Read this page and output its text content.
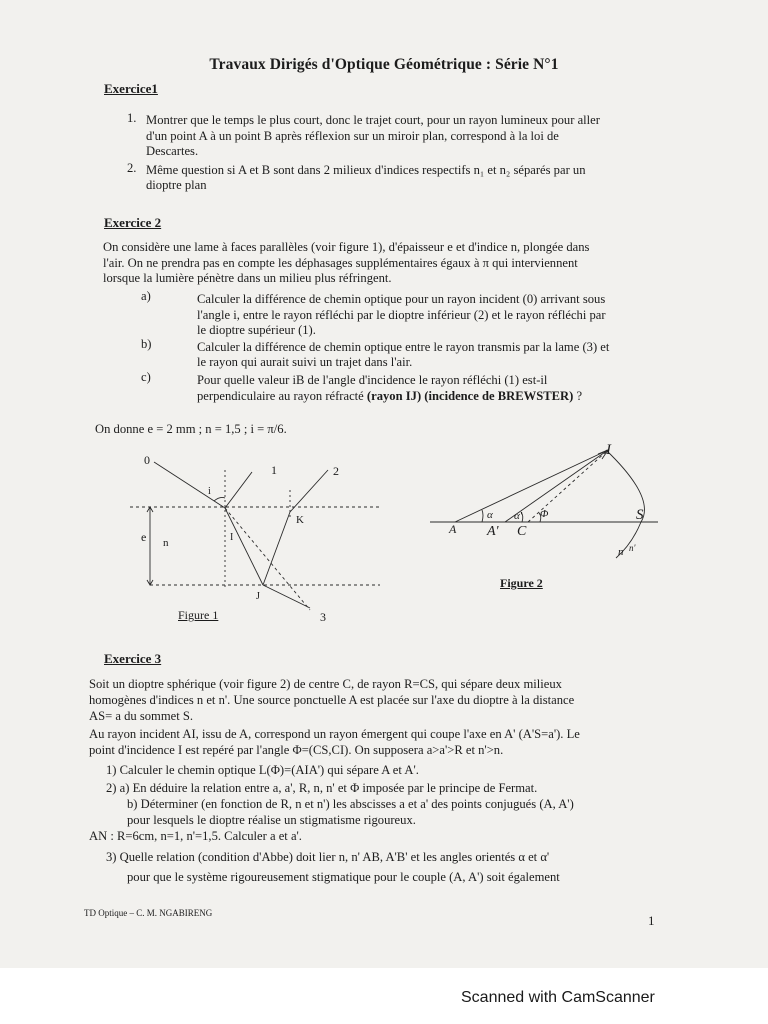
Travaux Dirigés d'Optique Géométrique : Série N°1
Exercice1
1. Montrer que le temps le plus court, donc le trajet court, pour un rayon lumineux pour aller
d'un point A à un point B après réflexion sur un miroir plan, correspond à la loi de
Descartes.
2. Même question si A et B sont dans 2 milieux d'indices respectifs n₁ et n₂ séparés par un
dioptre plan
Exercice 2
On considère une lame à faces parallèles (voir figure 1), d'épaisseur e et d'indice n, plongée dans
l'air. On ne prendra pas en compte les déphasages supplémentaires égaux à π qui interviennent
lorsque la lumière pénètre dans un milieu plus réfringent.
a)	Calculer la différence de chemin optique pour un rayon incident (0) arrivant sous
l'angle i, entre le rayon réfléchi par le dioptre inférieur (2) et le rayon réfléchi par
le dioptre supérieur (1).
b)	Calculer la différence de chemin optique entre le rayon transmis par la lame (3) et
le rayon qui aurait suivi un trajet dans l'air.
c)	Pour quelle valeur iB de l'angle d'incidence le rayon réfléchi (1) est-il
perpendiculaire au rayon réfracté (rayon IJ) (incidence de BREWSTER) ?
On donne e = 2 mm ; n = 1,5 ; i = π/6.
0
1	2
i
K
e n	I
J
3
Figure 1
I
S
A A' C
α α' Φ
n n'
Figure 2
Exercice 3
Soit un dioptre sphérique (voir figure 2) de centre C, de rayon R=CS, qui sépare deux milieux
homogènes d'indices n et n'. Une source ponctuelle A est placée sur l'axe du dioptre à la distance
AS= a du sommet S.
Au rayon incident AI, issu de A, correspond un rayon émergent qui coupe l'axe en A' (A'S=a'). Le
point d'incidence I est repéré par l'angle Φ=(CS,CI). On supposera a>a'>R et n'>n.
1) Calculer le chemin optique L(Φ)=(AIA') qui sépare A et A'.
2) a) En déduire la relation entre a, a', R, n, n' et Φ imposée par le principe de Fermat.
b) Déterminer (en fonction de R, n et n') les abscisses a et a' des points conjugués (A, A')
pour lesquels le dioptre réalise un stigmatisme rigoureux.
AN : R=6cm, n=1, n'=1,5. Calculer a et a'.
3) Quelle relation (condition d'Abbe) doit lier n, n' AB, A'B' et les angles orientés α et α'
pour que le système rigoureusement stigmatique pour le couple (A, A') soit également
TD Optique – C. M. NGABIRENG	1
Scanned with CamScanner
